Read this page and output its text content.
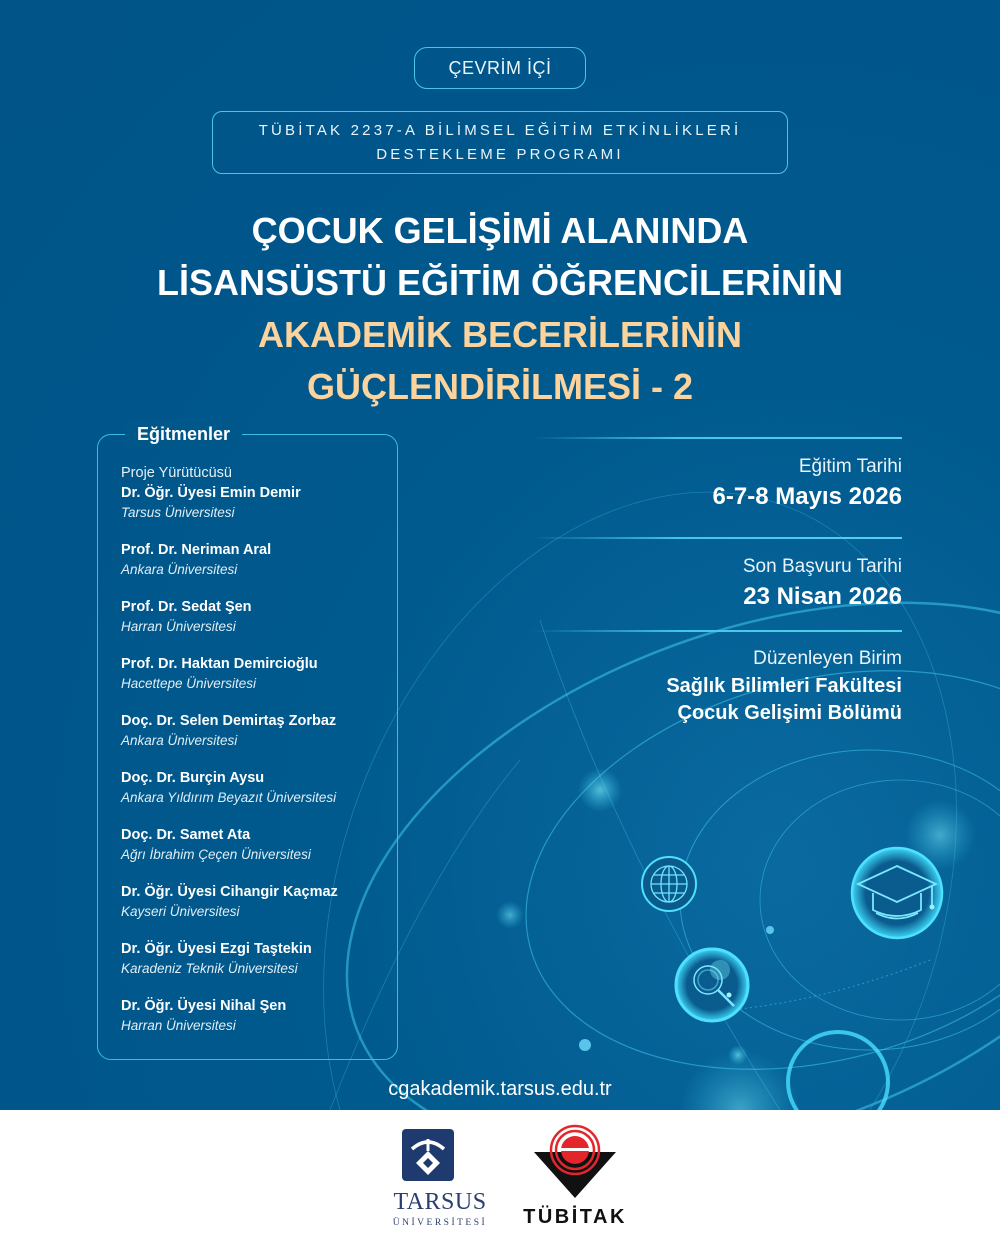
ÇEVRİM İÇİ
TÜBİTAK 2237-A BİLİMSEL EĞİTİM ETKİNLİKLERİ
DESTEKLEME PROGRAMI
ÇOCUK GELİŞİMİ ALANINDA
LİSANSÜSTÜ EĞİTİM ÖĞRENCİLERİNİN
AKADEMİK BECERİLERİNİN
GÜÇLENDİRİLMESİ - 2
Eğitmenler
Proje Yürütücüsü
Dr. Öğr. Üyesi Emin Demir
Tarsus Üniversitesi
Prof. Dr. Neriman Aral
Ankara Üniversitesi
Prof. Dr. Sedat Şen
Harran Üniversitesi
Prof. Dr. Haktan Demircioğlu
Hacettepe Üniversitesi
Doç. Dr. Selen Demirtaş Zorbaz
Ankara Üniversitesi
Doç. Dr. Burçin Aysu
Ankara Yıldırım Beyazıt Üniversitesi
Doç. Dr. Samet Ata
Ağrı İbrahim Çeçen Üniversitesi
Dr. Öğr. Üyesi Cihangir Kaçmaz
Kayseri Üniversitesi
Dr. Öğr. Üyesi Ezgi Taştekin
Karadeniz Teknik Üniversitesi
Dr. Öğr. Üyesi Nihal Şen
Harran Üniversitesi
Eğitim Tarihi
6-7-8 Mayıs 2026
Son Başvuru Tarihi
23 Nisan 2026
Düzenleyen Birim
Sağlık Bilimleri Fakültesi
Çocuk Gelişimi Bölümü
cgakademik.tarsus.edu.tr
TARSUS
ÜNİVERSİTESİ TÜBİTAK
